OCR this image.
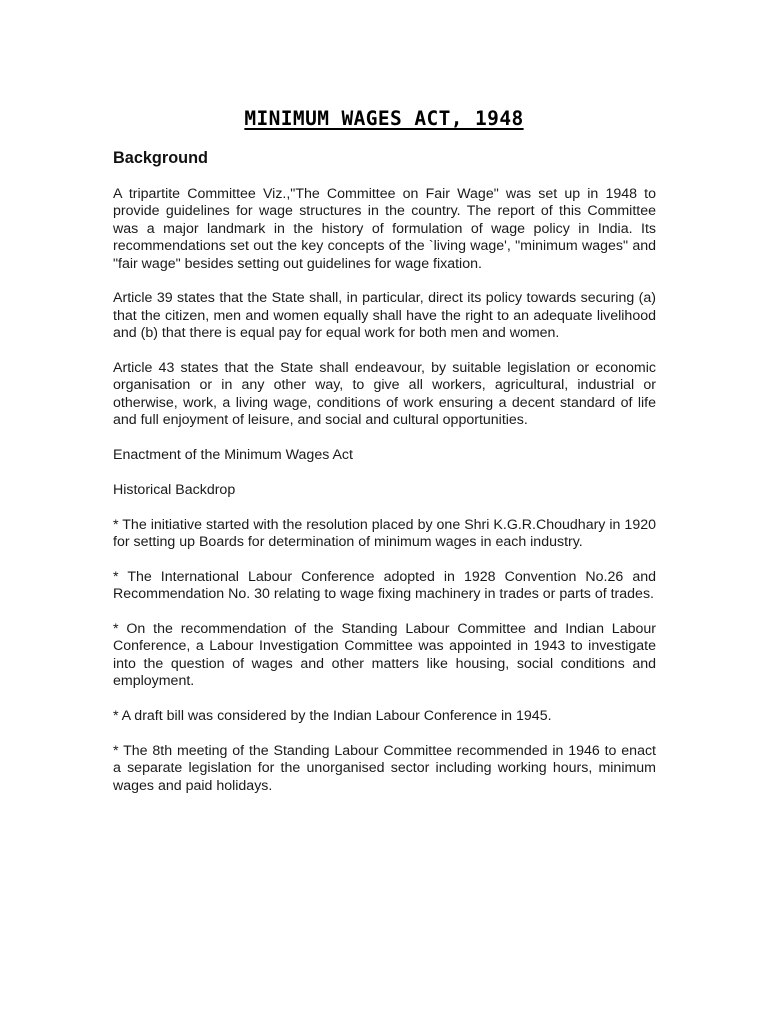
MINIMUM WAGES ACT, 1948
Background

A tripartite Committee Viz.,"The Committee on Fair Wage" was set up in 1948 to provide guidelines for wage structures in the country. The report of this Committee was a major landmark in the history of formulation of wage policy in India. Its recommendations set out the key concepts of the `living wage', "minimum wages" and "fair wage" besides setting out guidelines for wage fixation.

Article 39 states that the State shall, in particular, direct its policy towards securing (a) that the citizen, men and women equally shall have the right to an adequate livelihood and (b) that there is equal pay for equal work for both men and women.

Article 43 states that the State shall endeavour, by suitable legislation or economic organisation or in any other way, to give all workers, agricultural, industrial or otherwise, work, a living wage, conditions of work ensuring a decent standard of life and full enjoyment of leisure, and social and cultural opportunities.

Enactment of the Minimum Wages Act

Historical Backdrop

* The initiative started with the resolution placed by one Shri K.G.R.Choudhary in 1920 for setting up Boards for determination of minimum wages in each industry.

* The International Labour Conference adopted in 1928 Convention No.26 and Recommendation No. 30 relating to wage fixing machinery in trades or parts of trades.

* On the recommendation of the Standing Labour Committee and Indian Labour Conference, a Labour Investigation Committee was appointed in 1943 to investigate into the question of wages and other matters like housing, social conditions and employment.

* A draft bill was considered by the Indian Labour Conference in 1945.

* The 8th meeting of the Standing Labour Committee recommended in 1946 to enact a separate legislation for the unorganised sector including working hours, minimum wages and paid holidays.
